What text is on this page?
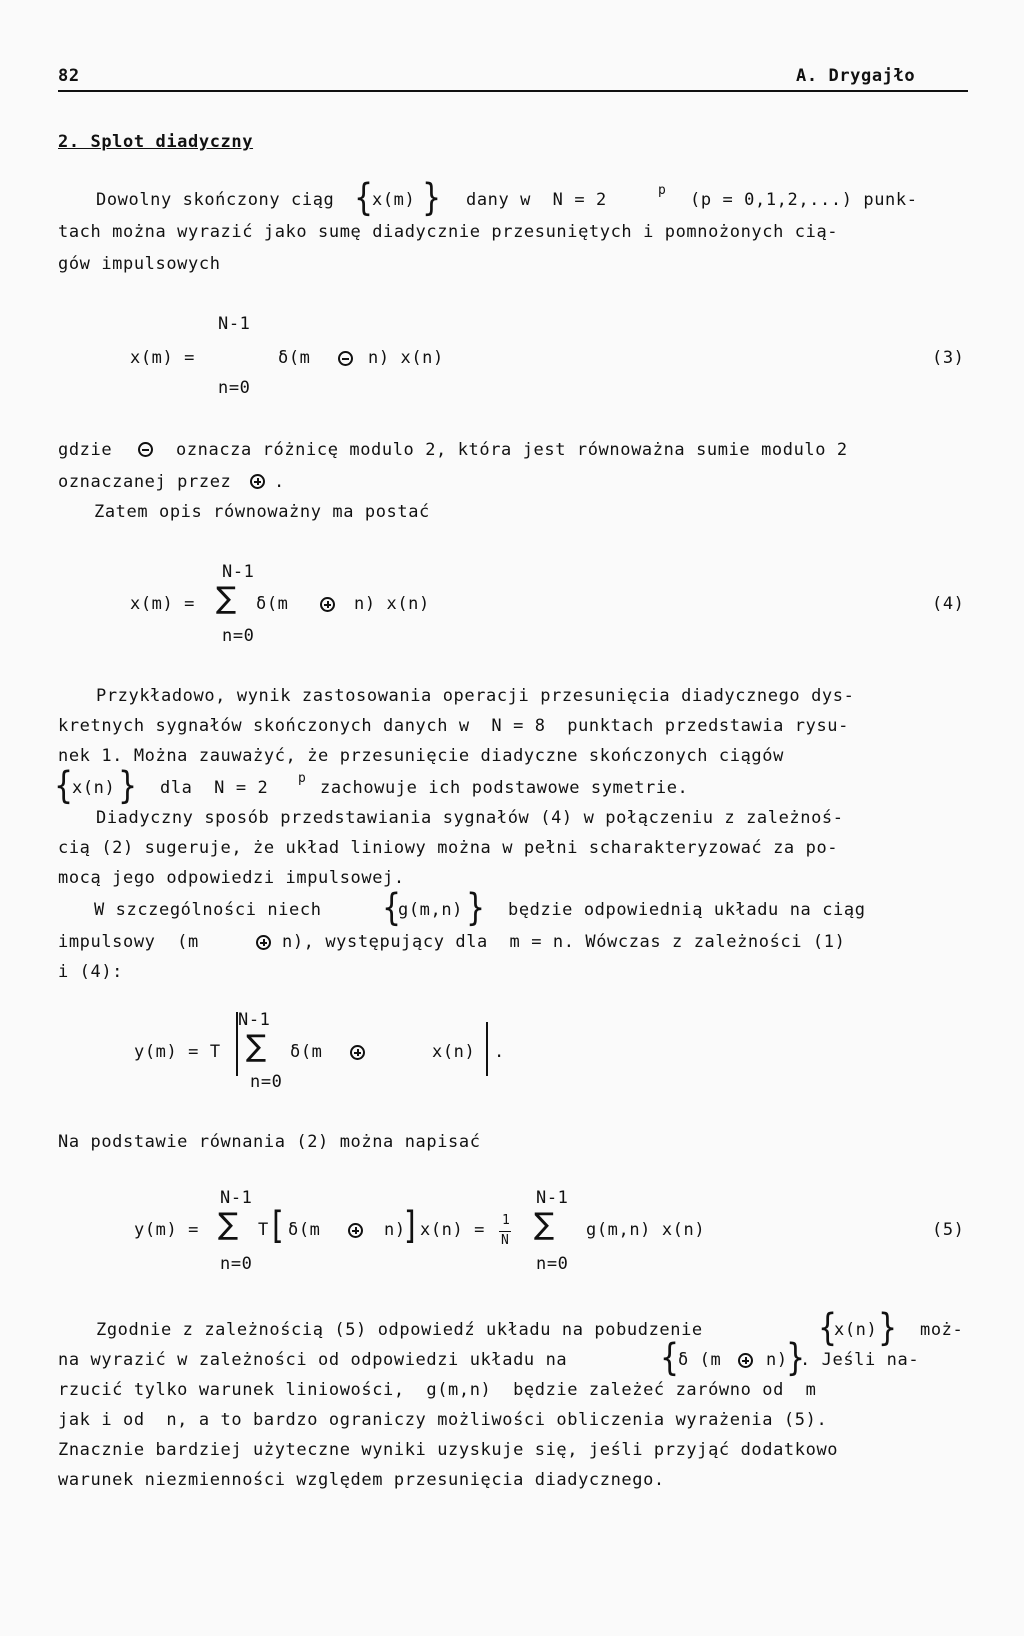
82	A. Drygajło
2. Splot diadyczny
Dowolny skończony ciąg {
x(m) } dany w  N = 2	p (p = 0,1,2,...) punk-
tach można wyrazić jako sumę diadycznie przesuniętych i pomnożonych cią-
gów impulsowych
N-1
x(m) =	δ(m	n) x(n)	(3)
n=0
gdzie	oznacza różnicę modulo 2, która jest równoważna sumie modulo 2
oznaczanej przez	.
Zatem opis równoważny ma postać
N-1
x(m) = ∑ δ(m	n) x(n)	(4)
n=0
Przykładowo, wynik zastosowania operacji przesunięcia diadycznego dys-
kretnych sygnałów skończonych danych w  N = 8  punktach przedstawia rysu-
nek 1. Można zauważyć, że przesunięcie diadyczne skończonych ciągów
{
x(n) } dla  N = 2 p zachowuje ich podstawowe symetrie.
Diadyczny sposób przedstawiania sygnałów (4) w połączeniu z zależnoś-
cią (2) sugeruje, że układ liniowy można w pełni scharakteryzować za po-
mocą jego odpowiedzi impulsowej.
W szczególności niech {
g(m,n) } będzie odpowiednią układu na ciąg
impulsowy  (m	n), występujący dla  m = n. Wówczas z zależności (1)
i (4):
N-1
y(m) = T ∑ δ(m	x(n) .
n=0
Na podstawie równania (2) można napisać
N-1	N-1
y(m) = ∑ T [ δ(m	n)
] x(n) = 1
N ∑ g(m,n) x(n)	(5)
n=0	n=0
Zgodnie z zależnością (5) odpowiedź układu na pobudzenie	{
x(n) } moż-
na wyrazić w zależności od odpowiedzi układu na	{
δ (m	n)
}
. Jeśli na-
rzucić tylko warunek liniowości,  g(m,n)  będzie zależeć zarówno od  m
jak i od  n, a to bardzo ograniczy możliwości obliczenia wyrażenia (5).
Znacznie bardziej użyteczne wyniki uzyskuje się, jeśli przyjąć dodatkowo
warunek niezmienności względem przesunięcia diadycznego.
